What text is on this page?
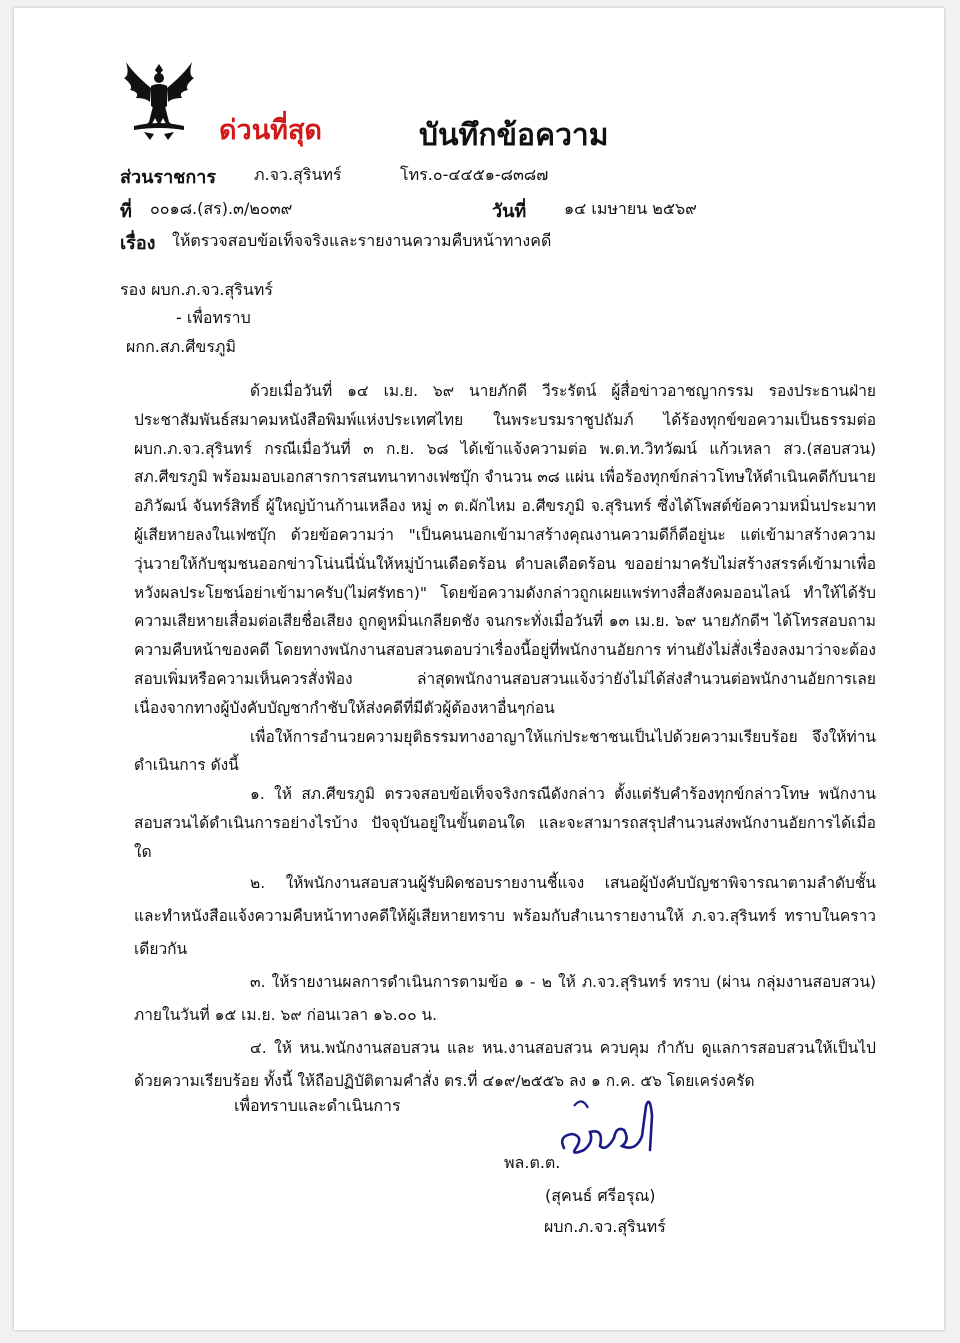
ด่วนที่สุด	บันทึกข้อความ
ส่วนราชการ ภ.จว.สุรินทร์	โทร.๐-๔๔๕๑-๘๓๘๗
ที่ ๐๐๑๘.(สร).๓/๒๐๓๙	วันที่ ๑๔ เมษายน ๒๕๖๙
เรื่อง ให้ตรวจสอบข้อเท็จจริงและรายงานความคืบหน้าทางคดี
รอง ผบก.ภ.จว.สุรินทร์
- เพื่อทราบ
ผกก.สภ.ศีขรภูมิ

ด้วยเมื่อวันที่ ๑๔ เม.ย. ๖๙ นายภักดี วีระรัตน์ ผู้สื่อข่าวอาชญากรรม รองประธานฝ่ายประชาสัมพันธ์สมาคมหนังสือพิมพ์แห่งประเทศไทย ในพระบรมราชูปถัมภ์ ได้ร้องทุกข์ขอความเป็นธรรมต่อ ผบก.ภ.จว.สุรินทร์ กรณีเมื่อวันที่ ๓ ก.ย. ๖๘ ได้เข้าแจ้งความต่อ พ.ต.ท.วิทวัฒน์ แก้วเหลา สว.(สอบสวน) สภ.ศีขรภูมิ พร้อมมอบเอกสารการสนทนาทางเฟซบุ๊ก จำนวน ๓๘ แผ่น เพื่อร้องทุกข์กล่าวโทษให้ดำเนินคดีกับนายอภิวัฒน์ จันทร์สิทธิ์ ผู้ใหญ่บ้านก้านเหลือง หมู่ ๓ ต.ผักไหม อ.ศีขรภูมิ จ.สุรินทร์ ซึ่งได้โพสต์ข้อความหมิ่นประมาทผู้เสียหายลงในเฟซบุ๊ก ด้วยข้อความว่า "เป็นคนนอกเข้ามาสร้างคุณงานความดีก็ดีอยู่นะ แต่เข้ามาสร้างความวุ่นวายให้กับชุมชนออกข่าวโน่นนี่นั่นให้หมู่บ้านเดือดร้อน ตำบลเดือดร้อน ขออย่ามาครับไม่สร้างสรรค์เข้ามาเพื่อหวังผลประโยชน์อย่าเข้ามาครับ(ไม่ศรัทธา)" โดยข้อความดังกล่าวถูกเผยแพร่ทางสื่อสังคมออนไลน์ ทำให้ได้รับความเสียหายเสื่อมต่อเสียชื่อเสียง ถูกดูหมิ่นเกลียดชัง จนกระทั่งเมื่อวันที่ ๑๓ เม.ย. ๖๙ นายภักดีฯ ได้โทรสอบถามความคืบหน้าของคดี โดยทางพนักงานสอบสวนตอบว่าเรื่องนี้อยู่ที่พนักงานอัยการ ท่านยังไม่สั่งเรื่องลงมาว่าจะต้องสอบเพิ่มหรือความเห็นควรสั่งฟ้อง ล่าสุดพนักงานสอบสวนแจ้งว่ายังไม่ได้ส่งสำนวนต่อพนักงานอัยการเลย เนื่องจากทางผู้บังคับบัญชากำชับให้ส่งคดีที่มีตัวผู้ต้องหาอื่นๆก่อน

เพื่อให้การอำนวยความยุติธรรมทางอาญาให้แก่ประชาชนเป็นไปด้วยความเรียบร้อย จึงให้ท่านดำเนินการ ดังนี้

๑. ให้ สภ.ศีขรภูมิ ตรวจสอบข้อเท็จจริงกรณีดังกล่าว ตั้งแต่รับคำร้องทุกข์กล่าวโทษ พนักงานสอบสวนได้ดำเนินการอย่างไรบ้าง ปัจจุบันอยู่ในขั้นตอนใด และจะสามารถสรุปสำนวนส่งพนักงานอัยการได้เมื่อใด

๒. ให้พนักงานสอบสวนผู้รับผิดชอบรายงานชี้แจง เสนอผู้บังคับบัญชาพิจารณาตามลำดับชั้น และทำหนังสือแจ้งความคืบหน้าทางคดีให้ผู้เสียหายทราบ พร้อมกับสำเนารายงานให้ ภ.จว.สุรินทร์ ทราบในคราวเดียวกัน

๓. ให้รายงานผลการดำเนินการตามข้อ ๑ - ๒ ให้ ภ.จว.สุรินทร์ ทราบ (ผ่าน กลุ่มงานสอบสวน) ภายในวันที่ ๑๕ เม.ย. ๖๙ ก่อนเวลา ๑๖.๐๐ น.

๔. ให้ หน.พนักงานสอบสวน และ หน.งานสอบสวน ควบคุม กำกับ ดูแลการสอบสวนให้เป็นไปด้วยความเรียบร้อย ทั้งนี้ ให้ถือปฏิบัติตามคำสั่ง ตร.ที่ ๔๑๙/๒๕๕๖ ลง ๑ ก.ค. ๕๖ โดยเคร่งครัด

เพื่อทราบและดำเนินการ
พล.ต.ต.
(สุคนธ์ ศรีอรุณ)
ผบก.ภ.จว.สุรินทร์
